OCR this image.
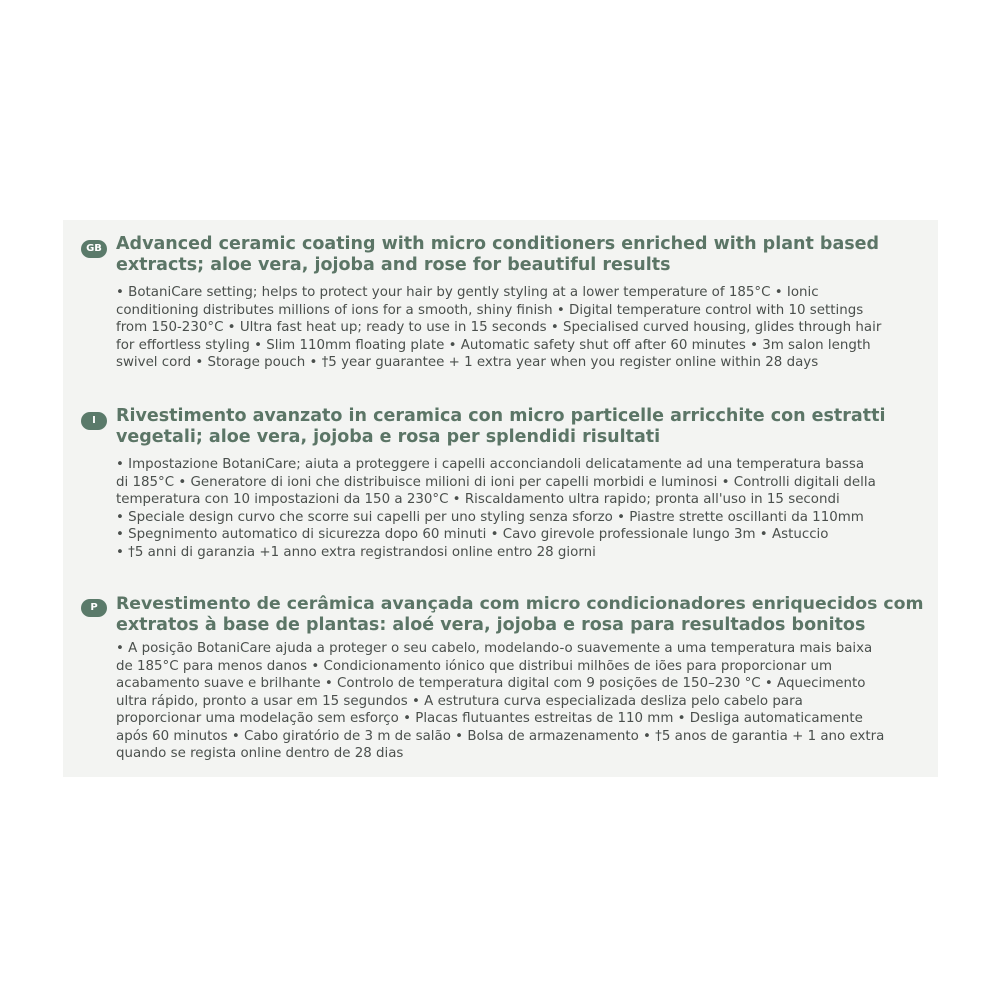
GB Advanced ceramic coating with micro conditioners enriched with plant based
extracts; aloe vera, jojoba and rose for beautiful results

• BotaniCare setting; helps to protect your hair by gently styling at a lower temperature of 185°C • Ionic
conditioning distributes millions of ions for a smooth, shiny finish • Digital temperature control with 10 settings
from 150-230°C • Ultra fast heat up; ready to use in 15 seconds • Specialised curved housing, glides through hair
for effortless styling • Slim 110mm floating plate • Automatic safety shut off after 60 minutes • 3m salon length
swivel cord • Storage pouch • †5 year guarantee + 1 extra year when you register online within 28 days

I	Rivestimento avanzato in ceramica con micro particelle arricchite con estratti
vegetali; aloe vera, jojoba e rosa per splendidi risultati

• Impostazione BotaniCare; aiuta a proteggere i capelli acconciandoli delicatamente ad una temperatura bassa
di 185°C • Generatore di ioni che distribuisce milioni di ioni per capelli morbidi e luminosi • Controlli digitali della
temperatura con 10 impostazioni da 150 a 230°C • Riscaldamento ultra rapido; pronta all'uso in 15 secondi
• Speciale design curvo che scorre sui capelli per uno styling senza sforzo • Piastre strette oscillanti da 110mm
• Spegnimento automatico di sicurezza dopo 60 minuti • Cavo girevole professionale lungo 3m • Astuccio
• †5 anni di garanzia +1 anno extra registrandosi online entro 28 giorni

P	Revestimento de cerâmica avançada com micro condicionadores enriquecidos com
extratos à base de plantas: aloé vera, jojoba e rosa para resultados bonitos

• A posição BotaniCare ajuda a proteger o seu cabelo, modelando-o suavemente a uma temperatura mais baixa
de 185°C para menos danos • Condicionamento iónico que distribui milhões de iões para proporcionar um
acabamento suave e brilhante • Controlo de temperatura digital com 9 posições de 150–230 °C • Aquecimento
ultra rápido, pronto a usar em 15 segundos • A estrutura curva especializada desliza pelo cabelo para
proporcionar uma modelação sem esforço • Placas flutuantes estreitas de 110 mm • Desliga automaticamente
após 60 minutos • Cabo giratório de 3 m de salão • Bolsa de armazenamento • †5 anos de garantia + 1 ano extra
quando se regista online dentro de 28 dias
